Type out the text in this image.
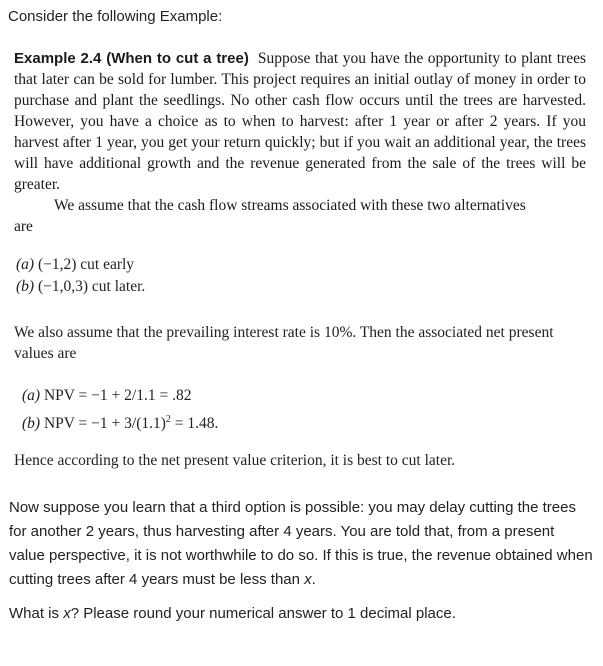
Consider the following Example:

Example 2.4 (When to cut a tree) Suppose that you have the opportunity to plant trees that later can be sold for lumber. This project requires an initial outlay of money in order to purchase and plant the seedlings. No other cash flow occurs until the trees are harvested. However, you have a choice as to when to harvest: after 1 year or after 2 years. If you harvest after 1 year, you get your return quickly; but if you wait an additional year, the trees will have additional growth and the revenue generated from the sale of the trees will be greater.

We assume that the cash flow streams associated with these two alternatives

are

(a) (−1,2) cut early
(b) (−1,0,3) cut later.
We also assume that the prevailing interest rate is 10%. Then the associated net present values are
(a) NPV = −1 + 2/1.1 = .82
(b) NPV = $-1 + 3/(1.1)^2 = 1.48$.
Hence according to the net present value criterion, it is best to cut later.

Now suppose you learn that a third option is possible: you may delay cutting the trees for another 2 years, thus harvesting after 4 years. You are told that, from a present value perspective, it is not worthwhile to do so. If this is true, the revenue obtained when cutting trees after 4 years must be less than x.

What is x? Please round your numerical answer to 1 decimal place.
